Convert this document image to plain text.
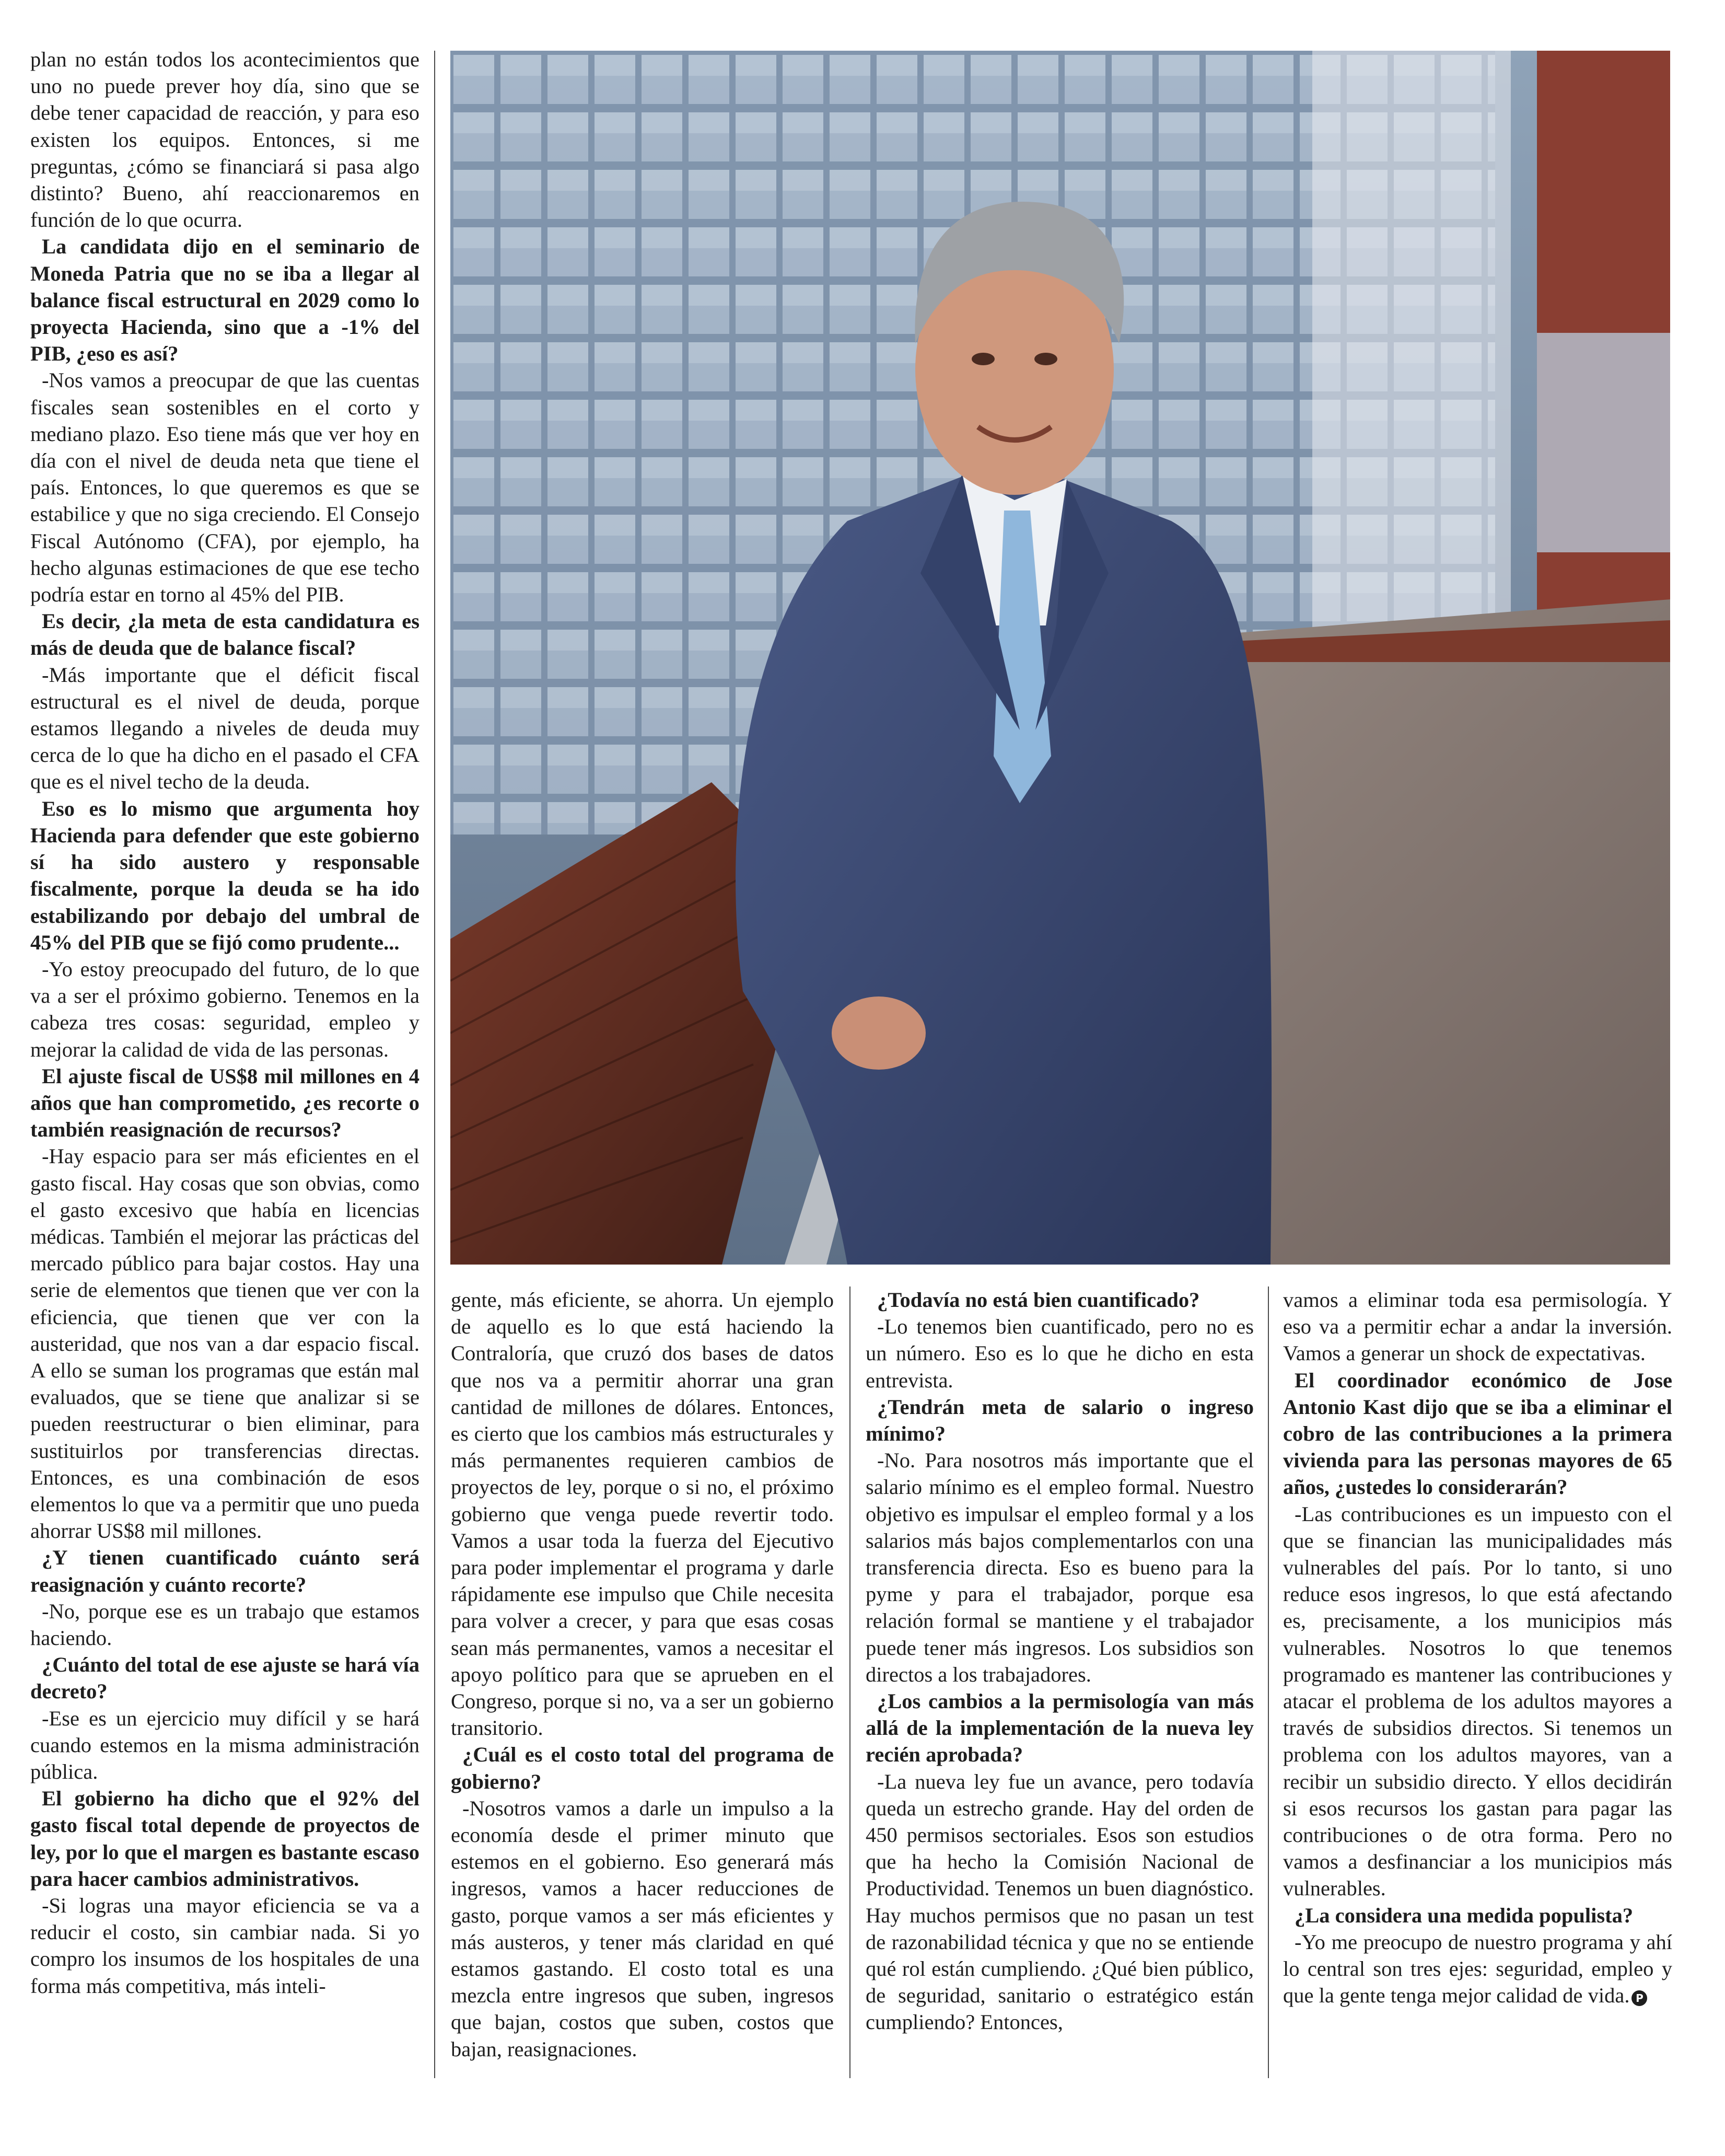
plan no están todos los acontecimientos que uno no puede prever hoy día, sino que se debe tener capacidad de reacción, y para eso existen los equipos. Entonces, si me preguntas, ¿cómo se financiará si pasa algo distinto? Bueno, ahí reaccionaremos en función de lo que ocurra.

La candidata dijo en el seminario de Moneda Patria que no se iba a llegar al balance fiscal estructural en 2029 como lo proyecta Hacienda, sino que a -1% del PIB, ¿eso es así?

-Nos vamos a preocupar de que las cuentas fiscales sean sostenibles en el corto y mediano plazo. Eso tiene más que ver hoy en día con el nivel de deuda neta que tiene el país. Entonces, lo que queremos es que se estabilice y que no siga creciendo. El Consejo Fiscal Autónomo (CFA), por ejemplo, ha hecho algunas estimaciones de que ese techo podría estar en torno al 45% del PIB.

Es decir, ¿la meta de esta candidatura es más de deuda que de balance fiscal?

-Más importante que el déficit fiscal estructural es el nivel de deuda, porque estamos llegando a niveles de deuda muy cerca de lo que ha dicho en el pasado el CFA que es el nivel techo de la deuda.

Eso es lo mismo que argumenta hoy Hacienda para defender que este gobierno sí ha sido austero y responsable fiscalmente, porque la deuda se ha ido estabilizando por debajo del umbral de 45% del PIB que se fijó como prudente...

-Yo estoy preocupado del futuro, de lo que va a ser el próximo gobierno. Tenemos en la cabeza tres cosas: seguridad, empleo y mejorar la calidad de vida de las personas.

El ajuste fiscal de US$8 mil millones en 4 años que han comprometido, ¿es recorte o también reasignación de recursos?

-Hay espacio para ser más eficientes en el gasto fiscal. Hay cosas que son obvias, como el gasto excesivo que había en licencias médicas. También el mejorar las prácticas del mercado público para bajar costos. Hay una serie de elementos que tienen que ver con la eficiencia, que tienen que ver con la austeridad, que nos van a dar espacio fiscal. A ello se suman los programas que están mal evaluados, que se tiene que analizar si se pueden reestructurar o bien eliminar, para sustituirlos por transferencias directas. Entonces, es una combinación de esos elementos lo que va a permitir que uno pueda ahorrar US$8 mil millones.

¿Y tienen cuantificado cuánto será reasignación y cuánto recorte?

-No, porque ese es un trabajo que estamos haciendo.

¿Cuánto del total de ese ajuste se hará vía decreto?

-Ese es un ejercicio muy difícil y se hará cuando estemos en la misma administración pública.

El gobierno ha dicho que el 92% del gasto fiscal total depende de proyectos de ley, por lo que el margen es bastante escaso para hacer cambios administrativos.

-Si logras una mayor eficiencia se va a reducir el costo, sin cambiar nada. Si yo compro los insumos de los hospitales de una forma más competitiva, más inteli-

gente, más eficiente, se ahorra. Un ejemplo de aquello es lo que está haciendo la Contraloría, que cruzó dos bases de datos que nos va a permitir ahorrar una gran cantidad de millones de dólares. Entonces, es cierto que los cambios más estructurales y más permanentes requieren cambios de proyectos de ley, porque o si no, el próximo gobierno que venga puede revertir todo. Vamos a usar toda la fuerza del Ejecutivo para poder implementar el programa y darle rápidamente ese impulso que Chile necesita para volver a crecer, y para que esas cosas sean más permanentes, vamos a necesitar el apoyo político para que se aprueben en el Congreso, porque si no, va a ser un gobierno transitorio.

¿Cuál es el costo total del programa de gobierno?

-Nosotros vamos a darle un impulso a la economía desde el primer minuto que estemos en el gobierno. Eso generará más ingresos, vamos a hacer reducciones de gasto, porque vamos a ser más eficientes y más austeros, y tener más claridad en qué estamos gastando. El costo total es una mezcla entre ingresos que suben, ingresos que bajan, costos que suben, costos que bajan, reasignaciones.

¿Todavía no está bien cuantificado?

-Lo tenemos bien cuantificado, pero no es un número. Eso es lo que he dicho en esta entrevista.

¿Tendrán meta de salario o ingreso mínimo?

-No. Para nosotros más importante que el salario mínimo es el empleo formal. Nuestro objetivo es impulsar el empleo formal y a los salarios más bajos complementarlos con una transferencia directa. Eso es bueno para la pyme y para el trabajador, porque esa relación formal se mantiene y el trabajador puede tener más ingresos. Los subsidios son directos a los trabajadores.

¿Los cambios a la permisología van más allá de la implementación de la nueva ley recién aprobada?

-La nueva ley fue un avance, pero todavía queda un estrecho grande. Hay del orden de 450 permisos sectoriales. Esos son estudios que ha hecho la Comisión Nacional de Productividad. Tenemos un buen diagnóstico. Hay muchos permisos que no pasan un test de razonabilidad técnica y que no se entiende qué rol están cumpliendo. ¿Qué bien público, de seguridad, sanitario o estratégico están cumpliendo? Entonces,

vamos a eliminar toda esa permisología. Y eso va a permitir echar a andar la inversión. Vamos a generar un shock de expectativas.

El coordinador económico de Jose Antonio Kast dijo que se iba a eliminar el cobro de las contribuciones a la primera vivienda para las personas mayores de 65 años, ¿ustedes lo considerarán?

-Las contribuciones es un impuesto con el que se financian las municipalidades más vulnerables del país. Por lo tanto, si uno reduce esos ingresos, lo que está afectando es, precisamente, a los municipios más vulnerables. Nosotros lo que tenemos programado es mantener las contribuciones y atacar el problema de los adultos mayores a través de subsidios directos. Si tenemos un problema con los adultos mayores, van a recibir un subsidio directo. Y ellos decidirán si esos recursos los gastan para pagar las contribuciones o de otra forma. Pero no vamos a desfinanciar a los municipios más vulnerables.

¿La considera una medida populista?

-Yo me preocupo de nuestro programa y ahí lo central son tres ejes: seguridad, empleo y que la gente tenga mejor calidad de vida. P
